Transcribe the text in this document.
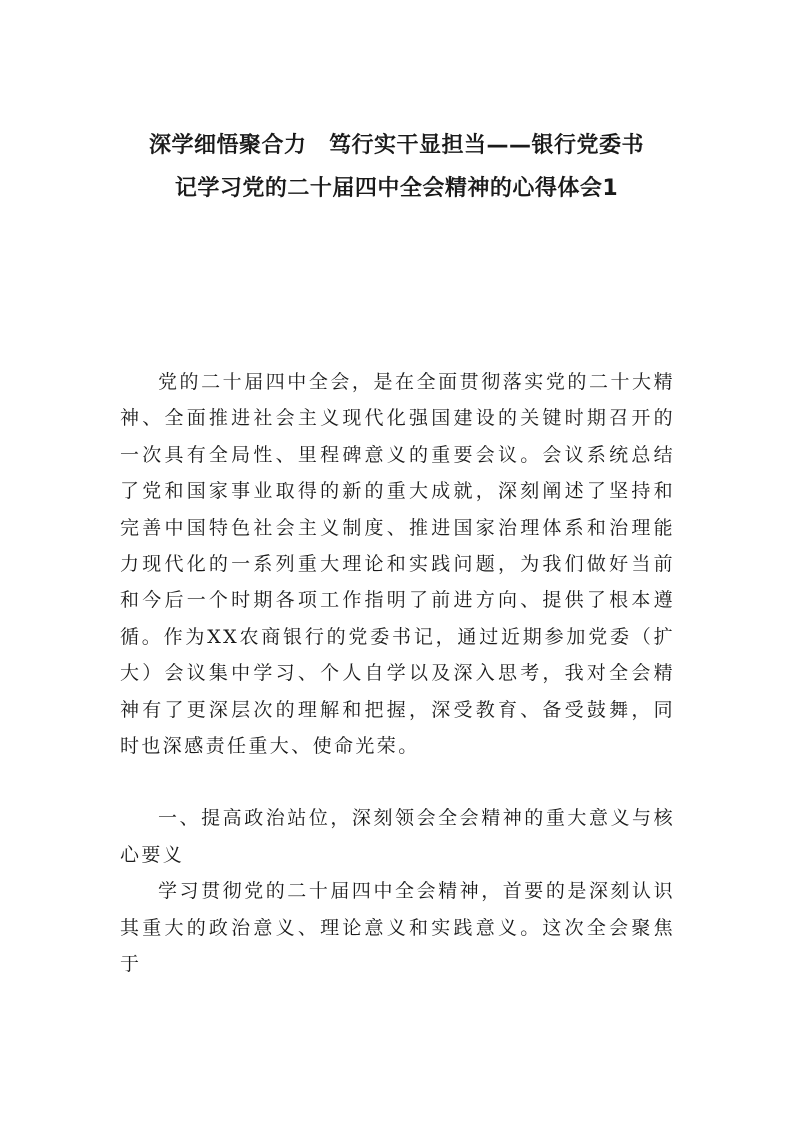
深学细悟聚合力　笃行实干显担当——银行党委书
记学习党的二十届四中全会精神的心得体会1

党的二十届四中全会，是在全面贯彻落实党的二十大精神、全面推进社会主义现代化强国建设的关键时期召开的一次具有全局性、里程碑意义的重要会议。会议系统总结了党和国家事业取得的新的重大成就，深刻阐述了坚持和完善中国特色社会主义制度、推进国家治理体系和治理能力现代化的一系列重大理论和实践问题，为我们做好当前和今后一个时期各项工作指明了前进方向、提供了根本遵循。作为XX农商银行的党委书记，通过近期参加党委（扩大）会议集中学习、个人自学以及深入思考，我对全会精神有了更深层次的理解和把握，深受教育、备受鼓舞，同时也深感责任重大、使命光荣。

一、提高政治站位，深刻领会全会精神的重大意义与核心要义

学习贯彻党的二十届四中全会精神，首要的是深刻认识其重大的政治意义、理论意义和实践意义。这次全会聚焦于
